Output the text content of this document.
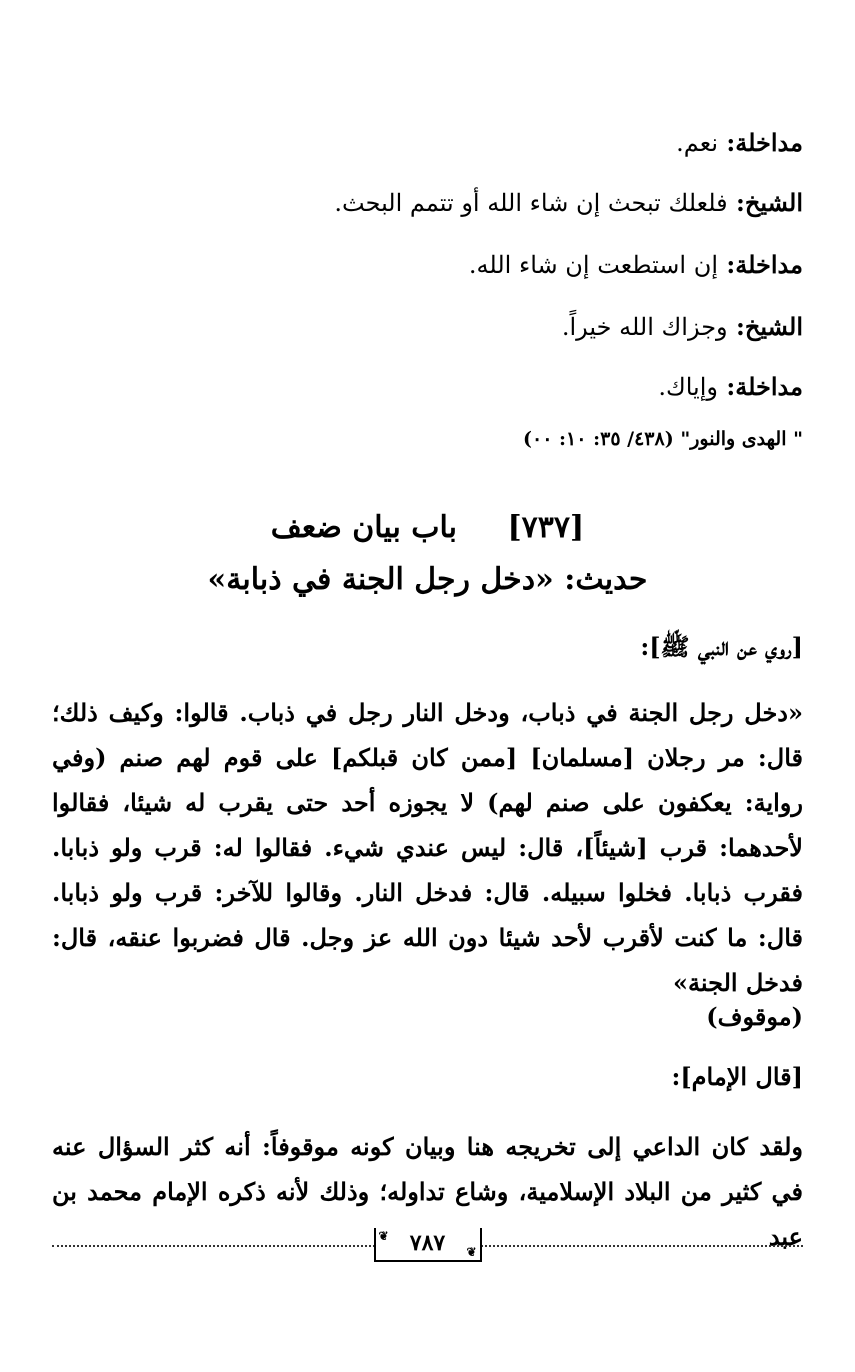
مداخلة: نعم.
الشيخ: فلعلك تبحث إن شاء الله أو تتمم البحث.
مداخلة: إن استطعت إن شاء الله.
الشيخ: وجزاك الله خيراً.
مداخلة: وإياك.
" الهدى والنور" (٤٣٨/ ٣٥: ١٠: ٠٠)
[٧٣٧] باب بيان ضعف
حديث: «دخل رجل الجنة في ذبابة»
[روي عن النبي ﷺ]:
«دخل رجل الجنة في ذباب، ودخل النار رجل في ذباب. قالوا: وكيف ذلك؛ قال: مر رجلان [مسلمان] [ممن كان قبلكم] على قوم لهم صنم (وفي رواية: يعكفون على صنم لهم) لا يجوزه أحد حتى يقرب له شيئا، فقالوا لأحدهما: قرب [شيئاً]، قال: ليس عندي شيء. فقالوا له: قرب ولو ذبابا. فقرب ذبابا. فخلوا سبيله. قال: فدخل النار. وقالوا للآخر: قرب ولو ذبابا. قال: ما كنت لأقرب لأحد شيئا دون الله عز وجل. قال فضربوا عنقه، قال: فدخل الجنة»
(موقوف)
[قال الإمام]:
ولقد كان الداعي إلى تخريجه هنا وبيان كونه موقوفاً: أنه كثر السؤال عنه في كثير من البلاد الإسلامية، وشاع تداوله؛ وذلك لأنه ذكره الإمام محمد بن عبد
❦ ٧٨٧ ❦
